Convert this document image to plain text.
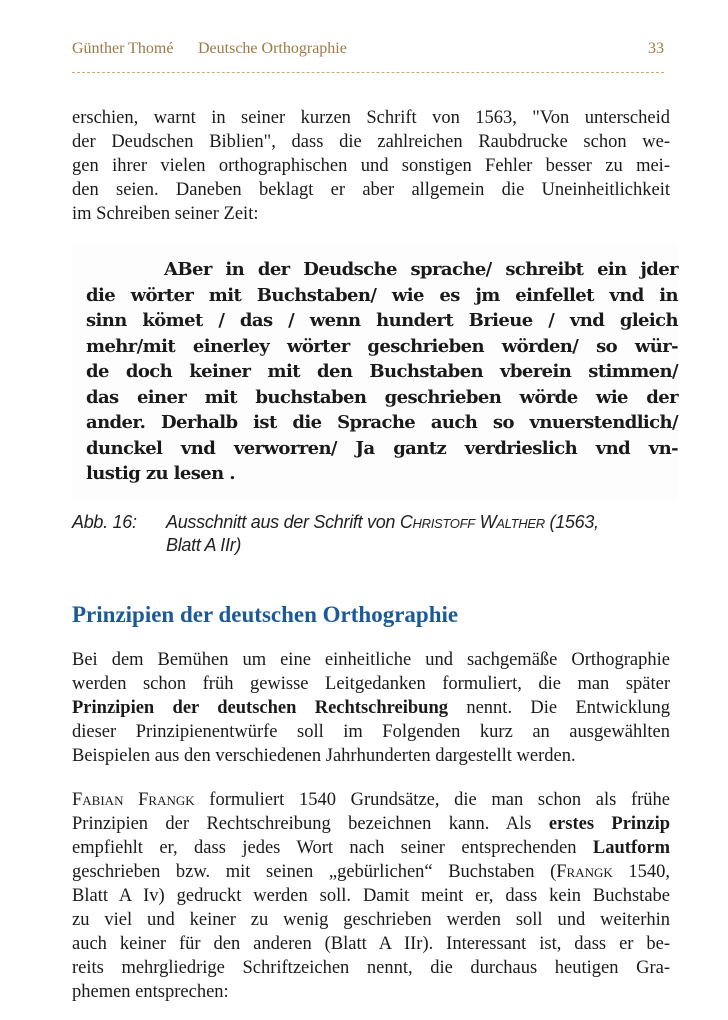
Günther Thomé Deutsche Orthographie	33
erschien, warnt in seiner kurzen Schrift von 1563, "Von unterscheid
der Deudschen Biblien", dass die zahlreichen Raubdrucke schon we-
gen ihrer vielen orthographischen und sonstigen Fehler besser zu mei-
den seien. Daneben beklagt er aber allgemein die Uneinheitlichkeit
im Schreiben seiner Zeit:
ABer in der Deudsche sprache/ schreibt ein jder
die wörter mit Buchstaben/ wie es jm einfellet vnd in
sinn kömet / das / wenn hundert Brieue / vnd gleich
mehr/mit einerley wörter geschrieben wörden/ so wür-
de doch keiner mit den Buchstaben vberein stimmen/
das einer mit buchstaben geschrieben wörde wie der
ander. Derhalb ist die Sprache auch so vnuerstendlich/
dunckel vnd verworren/ Ja gantz verdrieslich vnd vn-
lustig zu lesen .
Abb. 16: Ausschnitt aus der Schrift von Christoff Walther (1563,
Blatt A IIr)
Prinzipien der deutschen Orthographie
Bei dem Bemühen um eine einheitliche und sachgemäße Orthographie
werden schon früh gewisse Leitgedanken formuliert, die man später
Prinzipien der deutschen Rechtschreibung nennt. Die Entwicklung
dieser Prinzipienentwürfe soll im Folgenden kurz an ausgewählten
Beispielen aus den verschiedenen Jahrhunderten dargestellt werden.
Fabian Frangk formuliert 1540 Grundsätze, die man schon als frühe
Prinzipien der Rechtschreibung bezeichnen kann. Als erstes Prinzip
empfiehlt er, dass jedes Wort nach seiner entsprechenden Lautform
geschrieben bzw. mit seinen „gebürlichen“ Buchstaben (Frangk 1540,
Blatt A Iv) gedruckt werden soll. Damit meint er, dass kein Buchstabe
zu viel und keiner zu wenig geschrieben werden soll und weiterhin
auch keiner für den anderen (Blatt A IIr). Interessant ist, dass er be-
reits mehrgliedrige Schriftzeichen nennt, die durchaus heutigen Gra-
phemen entsprechen:
